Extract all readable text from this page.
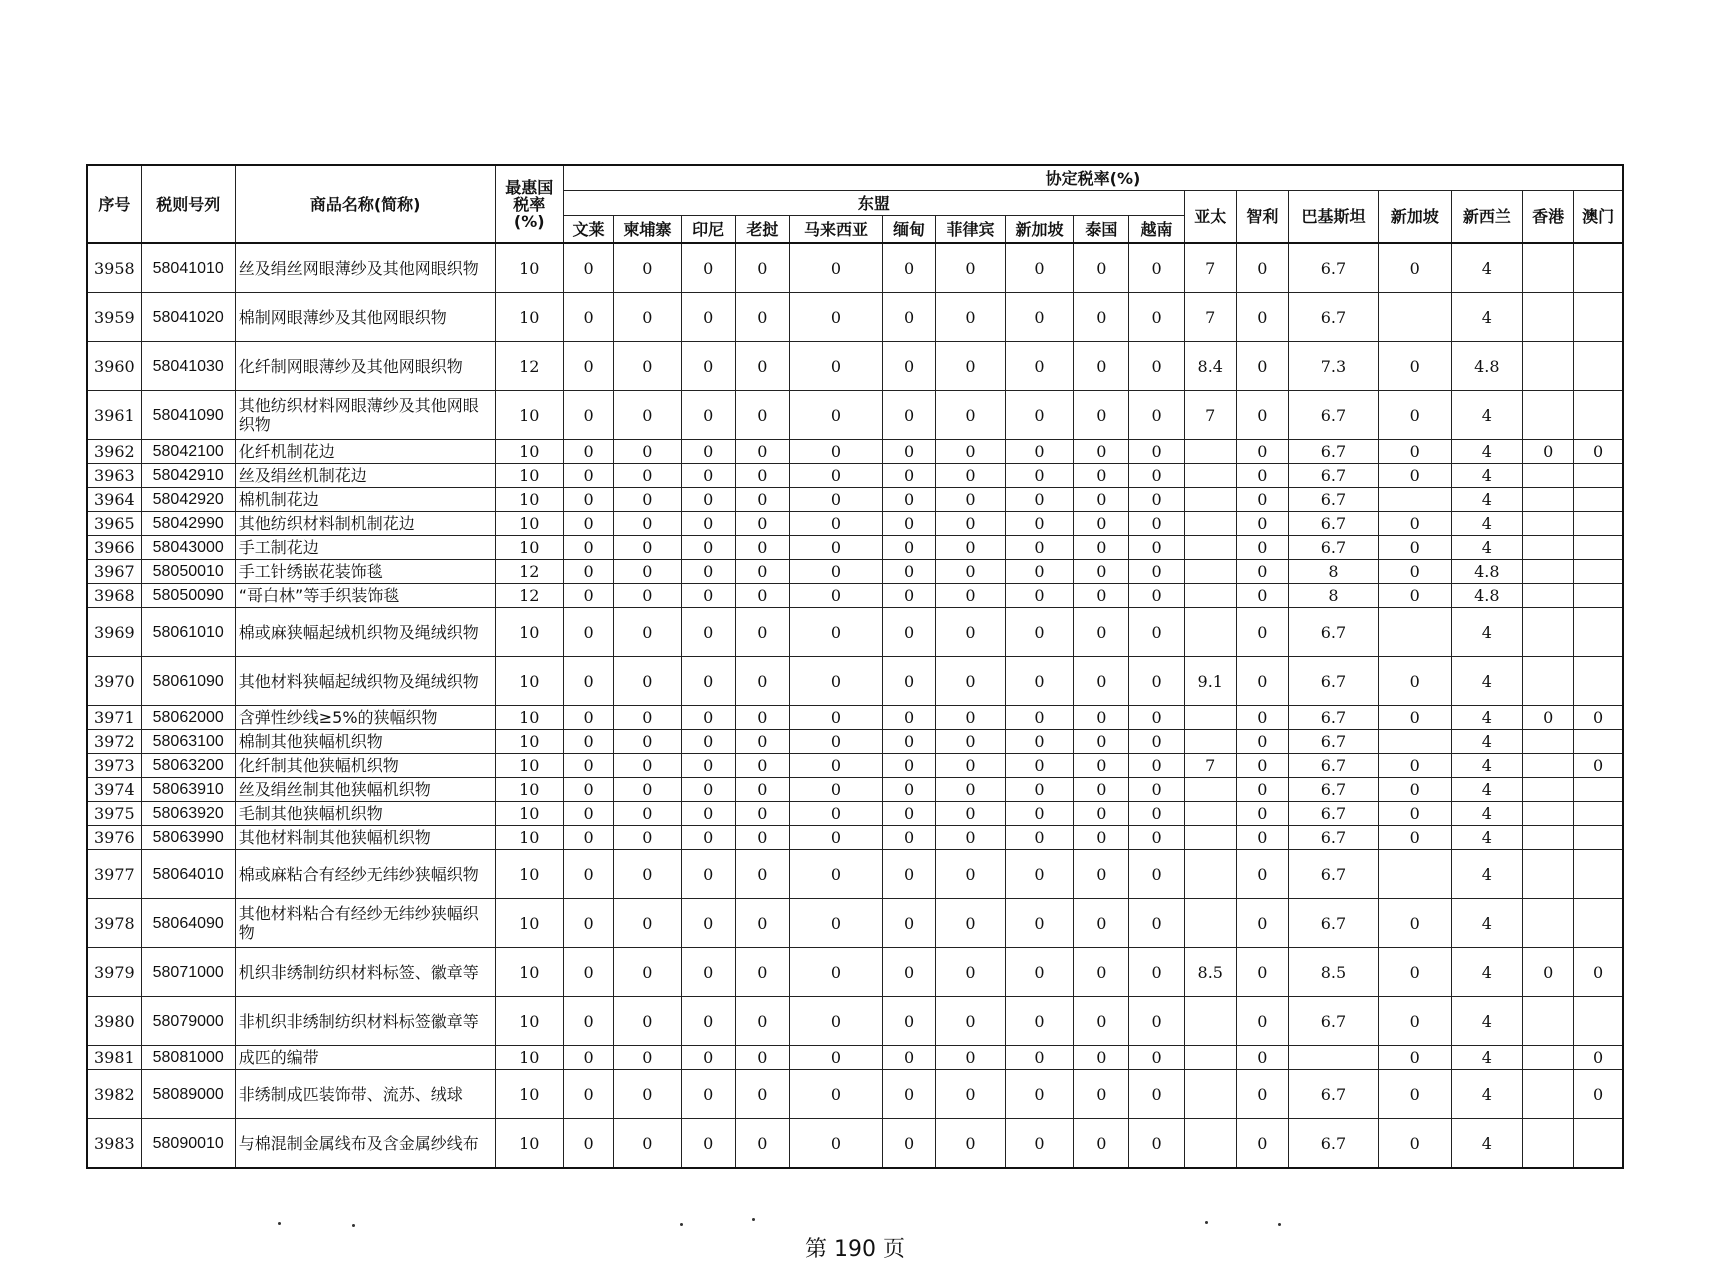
序号	税则号列	商品名称(简称)	最惠国税率(%)	协定税率(%)																
				东盟										亚太	智利	巴基斯坦	新加坡	新西兰	香港	澳门
				文莱	柬埔寨	印尼	老挝	马来西亚	缅甸	菲律宾	新加坡	泰国	越南							
3958	58041010	丝及绢丝网眼薄纱及其他网眼织物	10	0	0	0	0	0	0	0	0	0	0	7	0	6.7	0	4		
3959	58041020	棉制网眼薄纱及其他网眼织物	10	0	0	0	0	0	0	0	0	0	0	7	0	6.7		4		
3960	58041030	化纤制网眼薄纱及其他网眼织物	12	0	0	0	0	0	0	0	0	0	0	8.4	0	7.3	0	4.8		
3961	58041090	其他纺织材料网眼薄纱及其他网眼织物	10	0	0	0	0	0	0	0	0	0	0	7	0	6.7	0	4		
3962	58042100	化纤机制花边	10	0	0	0	0	0	0	0	0	0	0		0	6.7	0	4	0	0
3963	58042910	丝及绢丝机制花边	10	0	0	0	0	0	0	0	0	0	0		0	6.7	0	4		
3964	58042920	棉机制花边	10	0	0	0	0	0	0	0	0	0	0		0	6.7		4		
3965	58042990	其他纺织材料制机制花边	10	0	0	0	0	0	0	0	0	0	0		0	6.7	0	4		
3966	58043000	手工制花边	10	0	0	0	0	0	0	0	0	0	0		0	6.7	0	4		
3967	58050010	手工针绣嵌花装饰毯	12	0	0	0	0	0	0	0	0	0	0		0	8	0	4.8		
3968	58050090	“哥白林”等手织装饰毯	12	0	0	0	0	0	0	0	0	0	0		0	8	0	4.8		
3969	58061010	棉或麻狭幅起绒机织物及绳绒织物	10	0	0	0	0	0	0	0	0	0	0		0	6.7		4		
3970	58061090	其他材料狭幅起绒织物及绳绒织物	10	0	0	0	0	0	0	0	0	0	0	9.1	0	6.7	0	4		
3971	58062000	含弹性纱线≥5%的狭幅织物	10	0	0	0	0	0	0	0	0	0	0		0	6.7	0	4	0	0
3972	58063100	棉制其他狭幅机织物	10	0	0	0	0	0	0	0	0	0	0		0	6.7		4		
3973	58063200	化纤制其他狭幅机织物	10	0	0	0	0	0	0	0	0	0	0	7	0	6.7	0	4		0
3974	58063910	丝及绢丝制其他狭幅机织物	10	0	0	0	0	0	0	0	0	0	0		0	6.7	0	4		
3975	58063920	毛制其他狭幅机织物	10	0	0	0	0	0	0	0	0	0	0		0	6.7	0	4		
3976	58063990	其他材料制其他狭幅机织物	10	0	0	0	0	0	0	0	0	0	0		0	6.7	0	4		
3977	58064010	棉或麻粘合有经纱无纬纱狭幅织物	10	0	0	0	0	0	0	0	0	0	0		0	6.7		4		
3978	58064090	其他材料粘合有经纱无纬纱狭幅织物	10	0	0	0	0	0	0	0	0	0	0		0	6.7	0	4		
3979	58071000	机织非绣制纺织材料标签、徽章等	10	0	0	0	0	0	0	0	0	0	0	8.5	0	8.5	0	4	0	0
3980	58079000	非机织非绣制纺织材料标签徽章等	10	0	0	0	0	0	0	0	0	0	0		0	6.7	0	4		
3981	58081000	成匹的编带	10	0	0	0	0	0	0	0	0	0	0		0		0	4		0
3982	58089000	非绣制成匹装饰带、流苏、绒球	10	0	0	0	0	0	0	0	0	0	0		0	6.7	0	4		0
3983	58090010	与棉混制金属线布及含金属纱线布	10	0	0	0	0	0	0	0	0	0	0		0	6.7	0	4		
第 190 页
